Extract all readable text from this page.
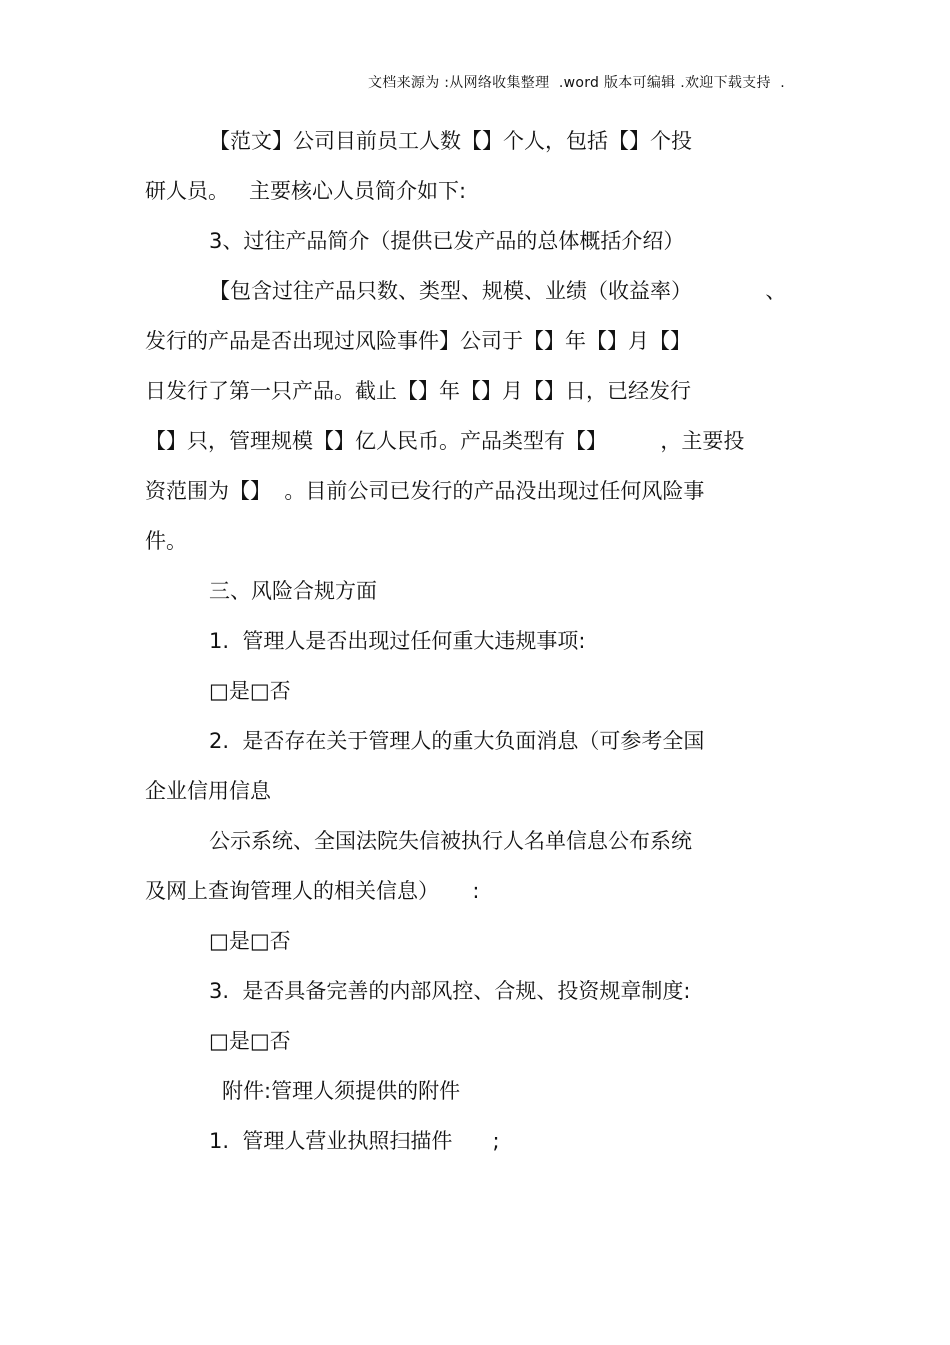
文档来源为 :从网络收集整理  .word 版本可编辑 .欢迎下载支持  .
【范文】公司目前员工人数【】个人，包括【】个投
研人员。   主要核心人员简介如下:
3、过往产品简介（提供已发产品的总体概括介绍）
【包含过往产品只数、类型、规模、业绩（收益率）           、
发行的产品是否出现过风险事件】公司于【】年【】月【】
日发行了第一只产品。截止【】年【】月【】日，已经发行
【】只，管理规模【】亿人民币。产品类型有【】        ，主要投
资范围为【】  。目前公司已发行的产品没出现过任何风险事
件。
三、风险合规方面
1.  管理人是否出现过任何重大违规事项:
□是□否
2.  是否存在关于管理人的重大负面消息（可参考全国
企业信用信息
公示系统、全国法院失信被执行人名单信息公布系统
及网上查询管理人的相关信息）     :
□是□否
3.  是否具备完善的内部风控、合规、投资规章制度:
□是□否
附件:管理人须提供的附件
1.  管理人营业执照扫描件      ;
